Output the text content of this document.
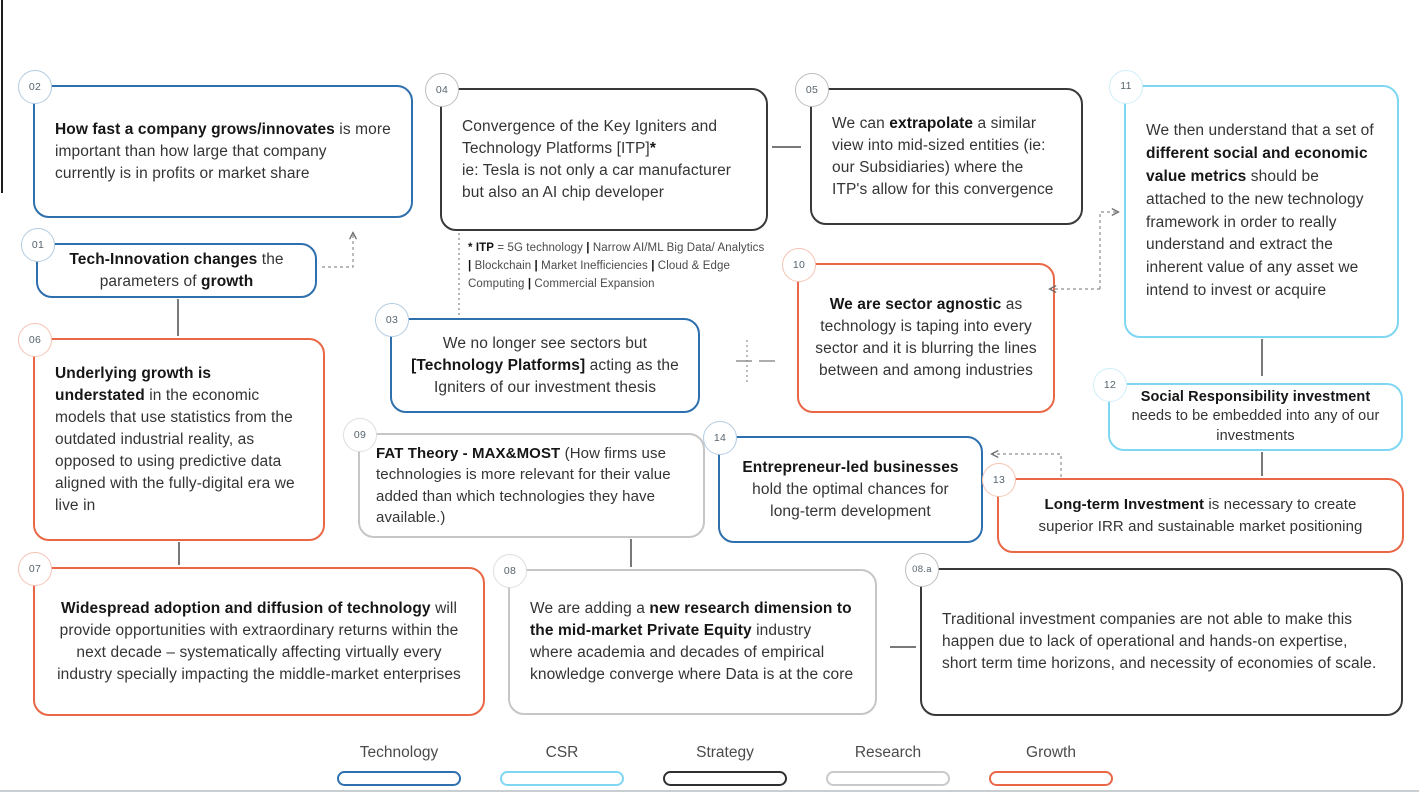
02
How fast a company grows/innovates is more important than how large that company currently is in profits or market share
01
Tech-Innovation changes the parameters of growth
06
Underlying growth is understated in the economic models that use statistics from the outdated industrial reality, as opposed to using predictive data aligned with the fully-digital era we live in
04
Convergence of the Key Igniters and Technology Platforms [ITP]*
ie: Tesla is not only a car manufacturer but also an AI chip developer
* ITP = 5G technology | Narrow AI/ML Big Data/ Analytics | Blockchain | Market Inefficiencies | Cloud & Edge Computing | Commercial Expansion
03
We no longer see sectors but [Technology Platforms] acting as the Igniters of our investment thesis
09
FAT Theory - MAX&MOST (How firms use technologies is more relevant for their value added than which technologies they have available.)
05
We can extrapolate a similar view into mid-sized entities (ie: our Subsidiaries) where the ITP's allow for this convergence
10
We are sector agnostic as technology is taping into every sector and it is blurring the lines between and among industries
11
We then understand that a set of different social and economic value metrics should be attached to the new technology framework in order to really understand and extract the inherent value of any asset we intend to invest or acquire
12
Social Responsibility investment needs to be embedded into any of our investments
14
Entrepreneur-led businesses hold the optimal chances for long-term development
13
Long-term Investment is necessary to create superior IRR and sustainable market positioning
07
Widespread adoption and diffusion of technology will provide opportunities with extraordinary returns within the next decade – systematically affecting virtually every industry specially impacting the middle-market enterprises
08
We are adding a new research dimension to the mid-market Private Equity industry where academia and decades of empirical knowledge converge where Data is at the core
08.a
Traditional investment companies are not able to make this happen due to lack of operational and hands-on expertise, short term time horizons, and necessity of economies of scale.
Technology	CSR	Strategy	Research	Growth
